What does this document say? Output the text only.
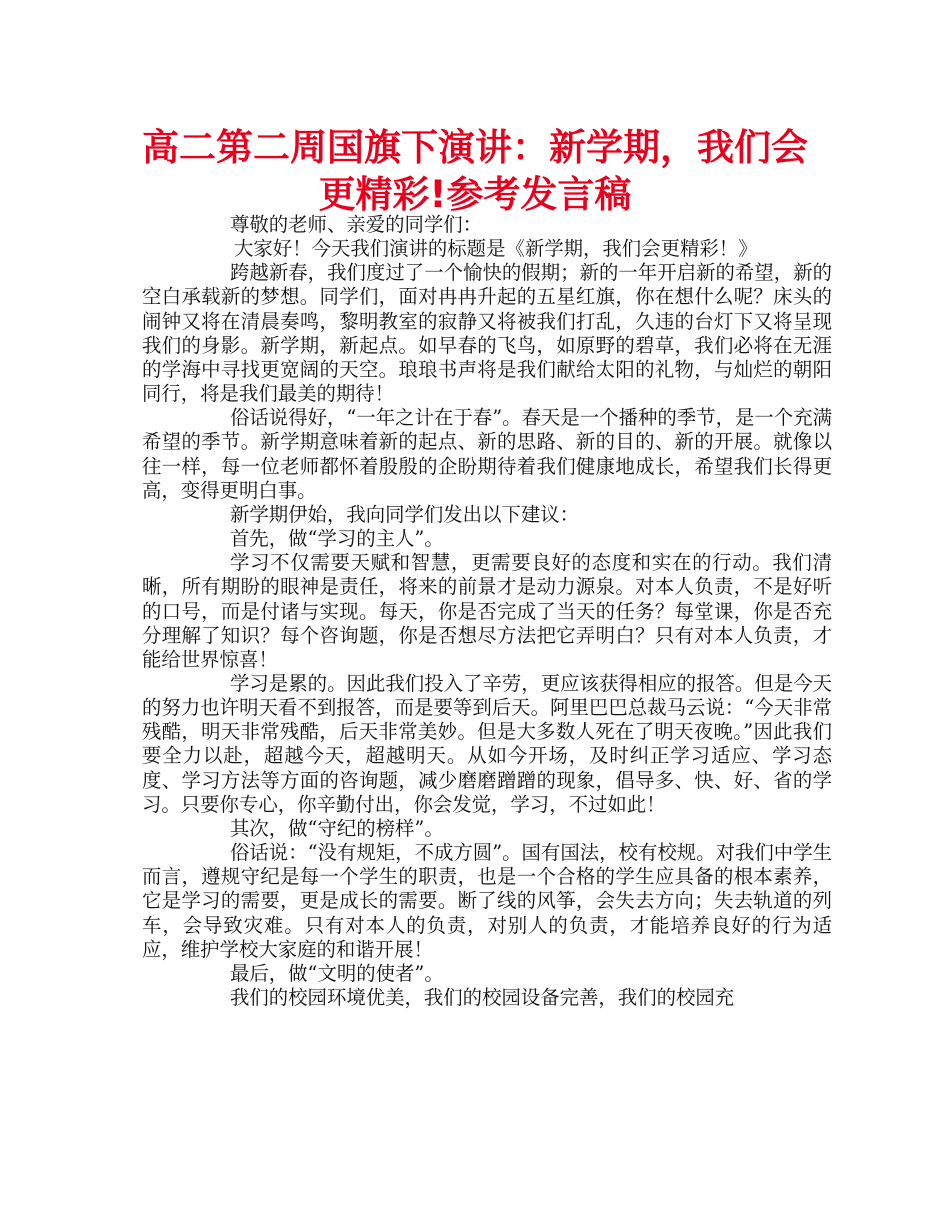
高二第二周国旗下演讲：新学期，我们会
更精彩!参考发言稿

尊敬的老师、亲爱的同学们：

大家好！今天我们演讲的标题是《新学期，我们会更精彩！》

跨越新春，我们度过了一个愉快的假期；新的一年开启新的希望，新的空白承载新的梦想。同学们，面对冉冉升起的五星红旗，你在想什么呢？床头的闹钟又将在清晨奏鸣，黎明教室的寂静又将被我们打乱，久违的台灯下又将呈现我们的身影。新学期，新起点。如早春的飞鸟，如原野的碧草，我们必将在无涯的学海中寻找更宽阔的天空。琅琅书声将是我们献给太阳的礼物，与灿烂的朝阳同行，将是我们最美的期待！

俗话说得好，“一年之计在于春”。春天是一个播种的季节，是一个充满希望的季节。新学期意味着新的起点、新的思路、新的目的、新的开展。就像以往一样，每一位老师都怀着殷殷的企盼期待着我们健康地成长，希望我们长得更高，变得更明白事。

新学期伊始，我向同学们发出以下建议：

首先，做“学习的主人”。

学习不仅需要天赋和智慧，更需要良好的态度和实在的行动。我们清晰，所有期盼的眼神是责任，将来的前景才是动力源泉。对本人负责，不是好听的口号，而是付诸与实现。每天，你是否完成了当天的任务？每堂课，你是否充分理解了知识？每个咨询题，你是否想尽方法把它弄明白？只有对本人负责，才能给世界惊喜！

学习是累的。因此我们投入了辛劳，更应该获得相应的报答。但是今天的努力也许明天看不到报答，而是要等到后天。阿里巴巴总裁马云说：“今天非常残酷，明天非常残酷，后天非常美妙。但是大多数人死在了明天夜晚。”因此我们要全力以赴，超越今天，超越明天。从如今开场，及时纠正学习适应、学习态度、学习方法等方面的咨询题，减少磨磨蹭蹭的现象，倡导多、快、好、省的学习。只要你专心，你辛勤付出，你会发觉，学习，不过如此！

其次，做“守纪的榜样”。

俗话说：“没有规矩，不成方圆”。国有国法，校有校规。对我们中学生而言，遵规守纪是每一个学生的职责，也是一个合格的学生应具备的根本素养，它是学习的需要，更是成长的需要。断了线的风筝，会失去方向；失去轨道的列车，会导致灾难。只有对本人的负责，对别人的负责，才能培养良好的行为适应，维护学校大家庭的和谐开展！

最后，做“文明的使者”。

我们的校园环境优美，我们的校园设备完善，我们的校园充
